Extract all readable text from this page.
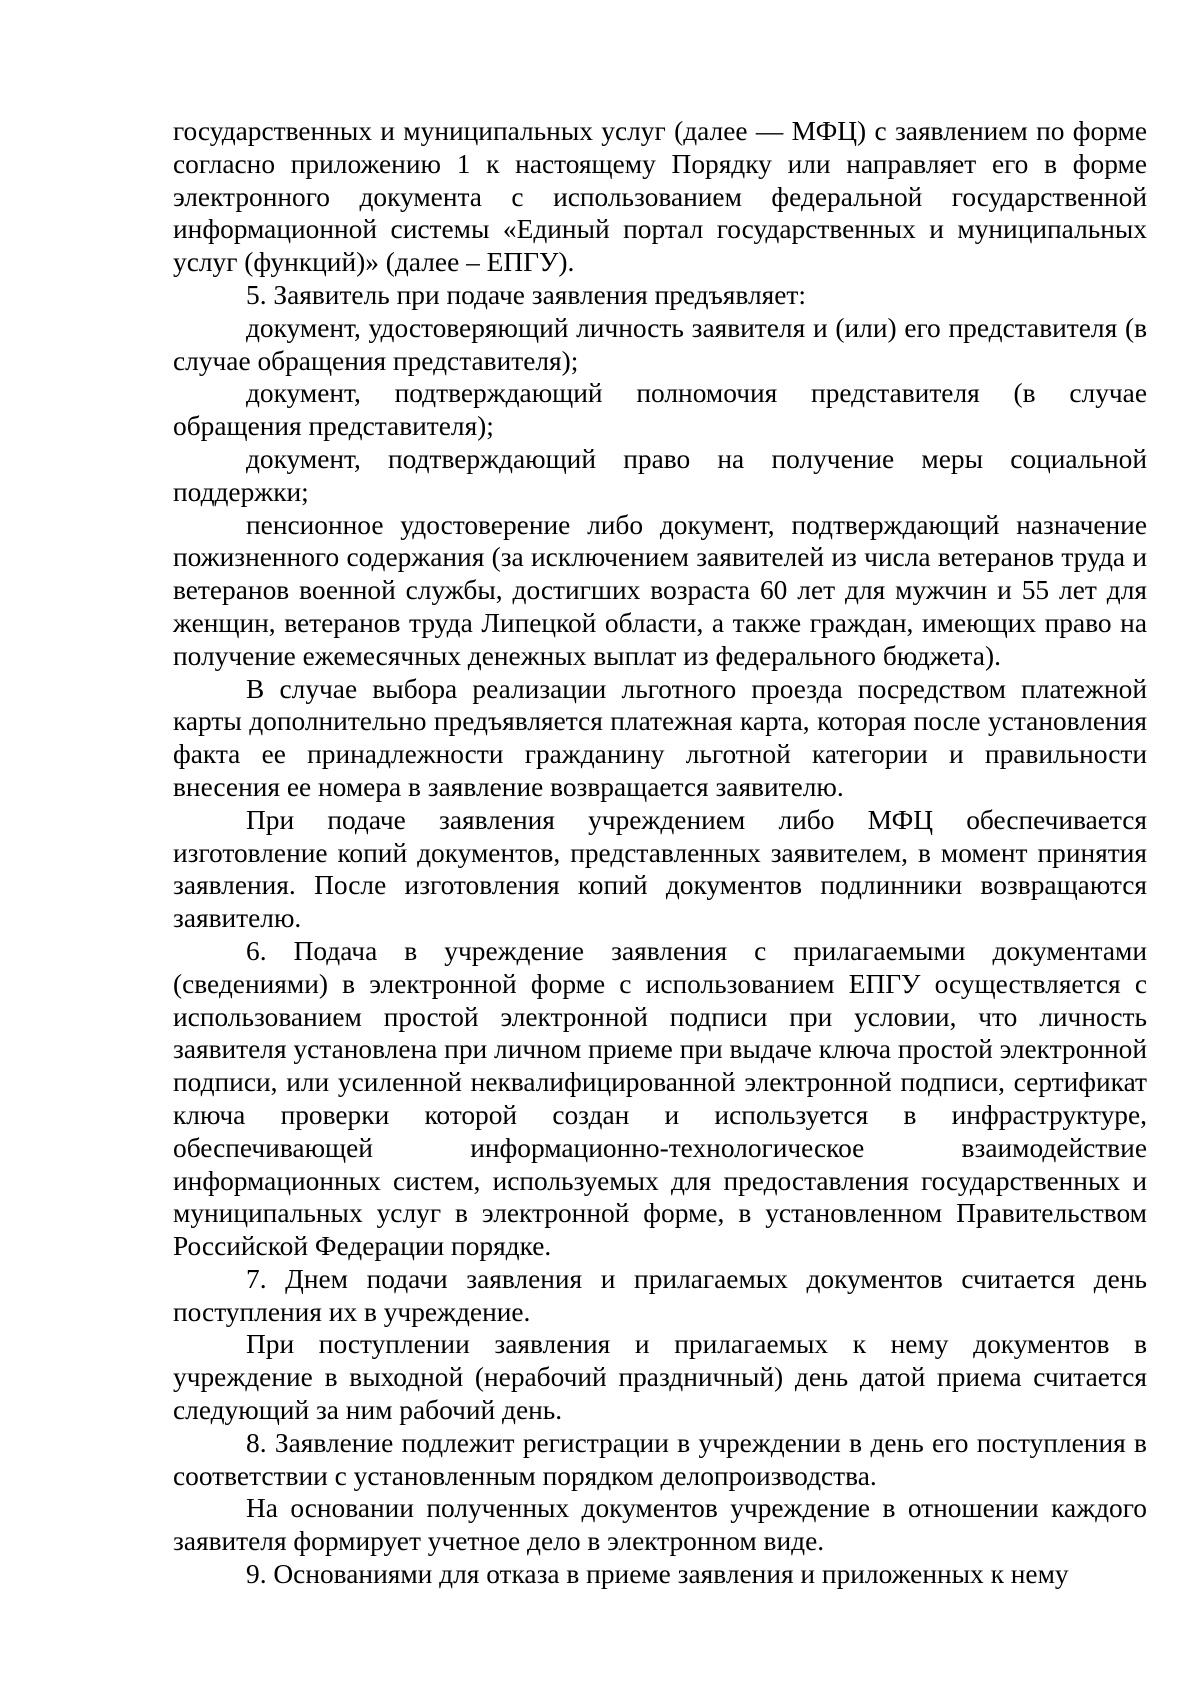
государственных и муниципальных услуг (далее — МФЦ) с заявлением по форме согласно приложению 1 к настоящему Порядку или направляет его в форме электронного документа с использованием федеральной государственной информационной системы «Единый портал государственных и муниципальных услуг (функций)» (далее – ЕПГУ).

5. Заявитель при подаче заявления предъявляет:

документ, удостоверяющий личность заявителя и (или) его представителя (в случае обращения представителя);

документ, подтверждающий полномочия представителя (в случае обращения представителя);

документ, подтверждающий право на получение меры социальной поддержки;

пенсионное удостоверение либо документ, подтверждающий назначение пожизненного содержания (за исключением заявителей из числа ветеранов труда и ветеранов военной службы, достигших возраста 60 лет для мужчин и 55 лет для женщин, ветеранов труда Липецкой области, а также граждан, имеющих право на получение ежемесячных денежных выплат из федерального бюджета).

В случае выбора реализации льготного проезда посредством платежной карты дополнительно предъявляется платежная карта, которая после установления факта ее принадлежности гражданину льготной категории и правильности внесения ее номера в заявление возвращается заявителю.

При подаче заявления учреждением либо МФЦ обеспечивается изготовление копий документов, представленных заявителем, в момент принятия заявления. После изготовления копий документов подлинники возвращаются заявителю.

6. Подача в учреждение заявления с прилагаемыми документами (сведениями) в электронной форме с использованием ЕПГУ осуществляется с использованием простой электронной подписи при условии, что личность заявителя установлена при личном приеме при выдаче ключа простой электронной подписи, или усиленной неквалифицированной электронной подписи, сертификат ключа проверки которой создан и используется в инфраструктуре, обеспечивающей информационно-технологическое взаимодействие информационных систем, используемых для предоставления государственных и муниципальных услуг в электронной форме, в установленном Правительством Российской Федерации порядке.

7. Днем подачи заявления и прилагаемых документов считается день поступления их в учреждение.

При поступлении заявления и прилагаемых к нему документов в учреждение в выходной (нерабочий праздничный) день датой приема считается следующий за ним рабочий день.

8. Заявление подлежит регистрации в учреждении в день его поступления в соответствии с установленным порядком делопроизводства.

На основании полученных документов учреждение в отношении каждого заявителя формирует учетное дело в электронном виде.

9. Основаниями для отказа в приеме заявления и приложенных к нему
